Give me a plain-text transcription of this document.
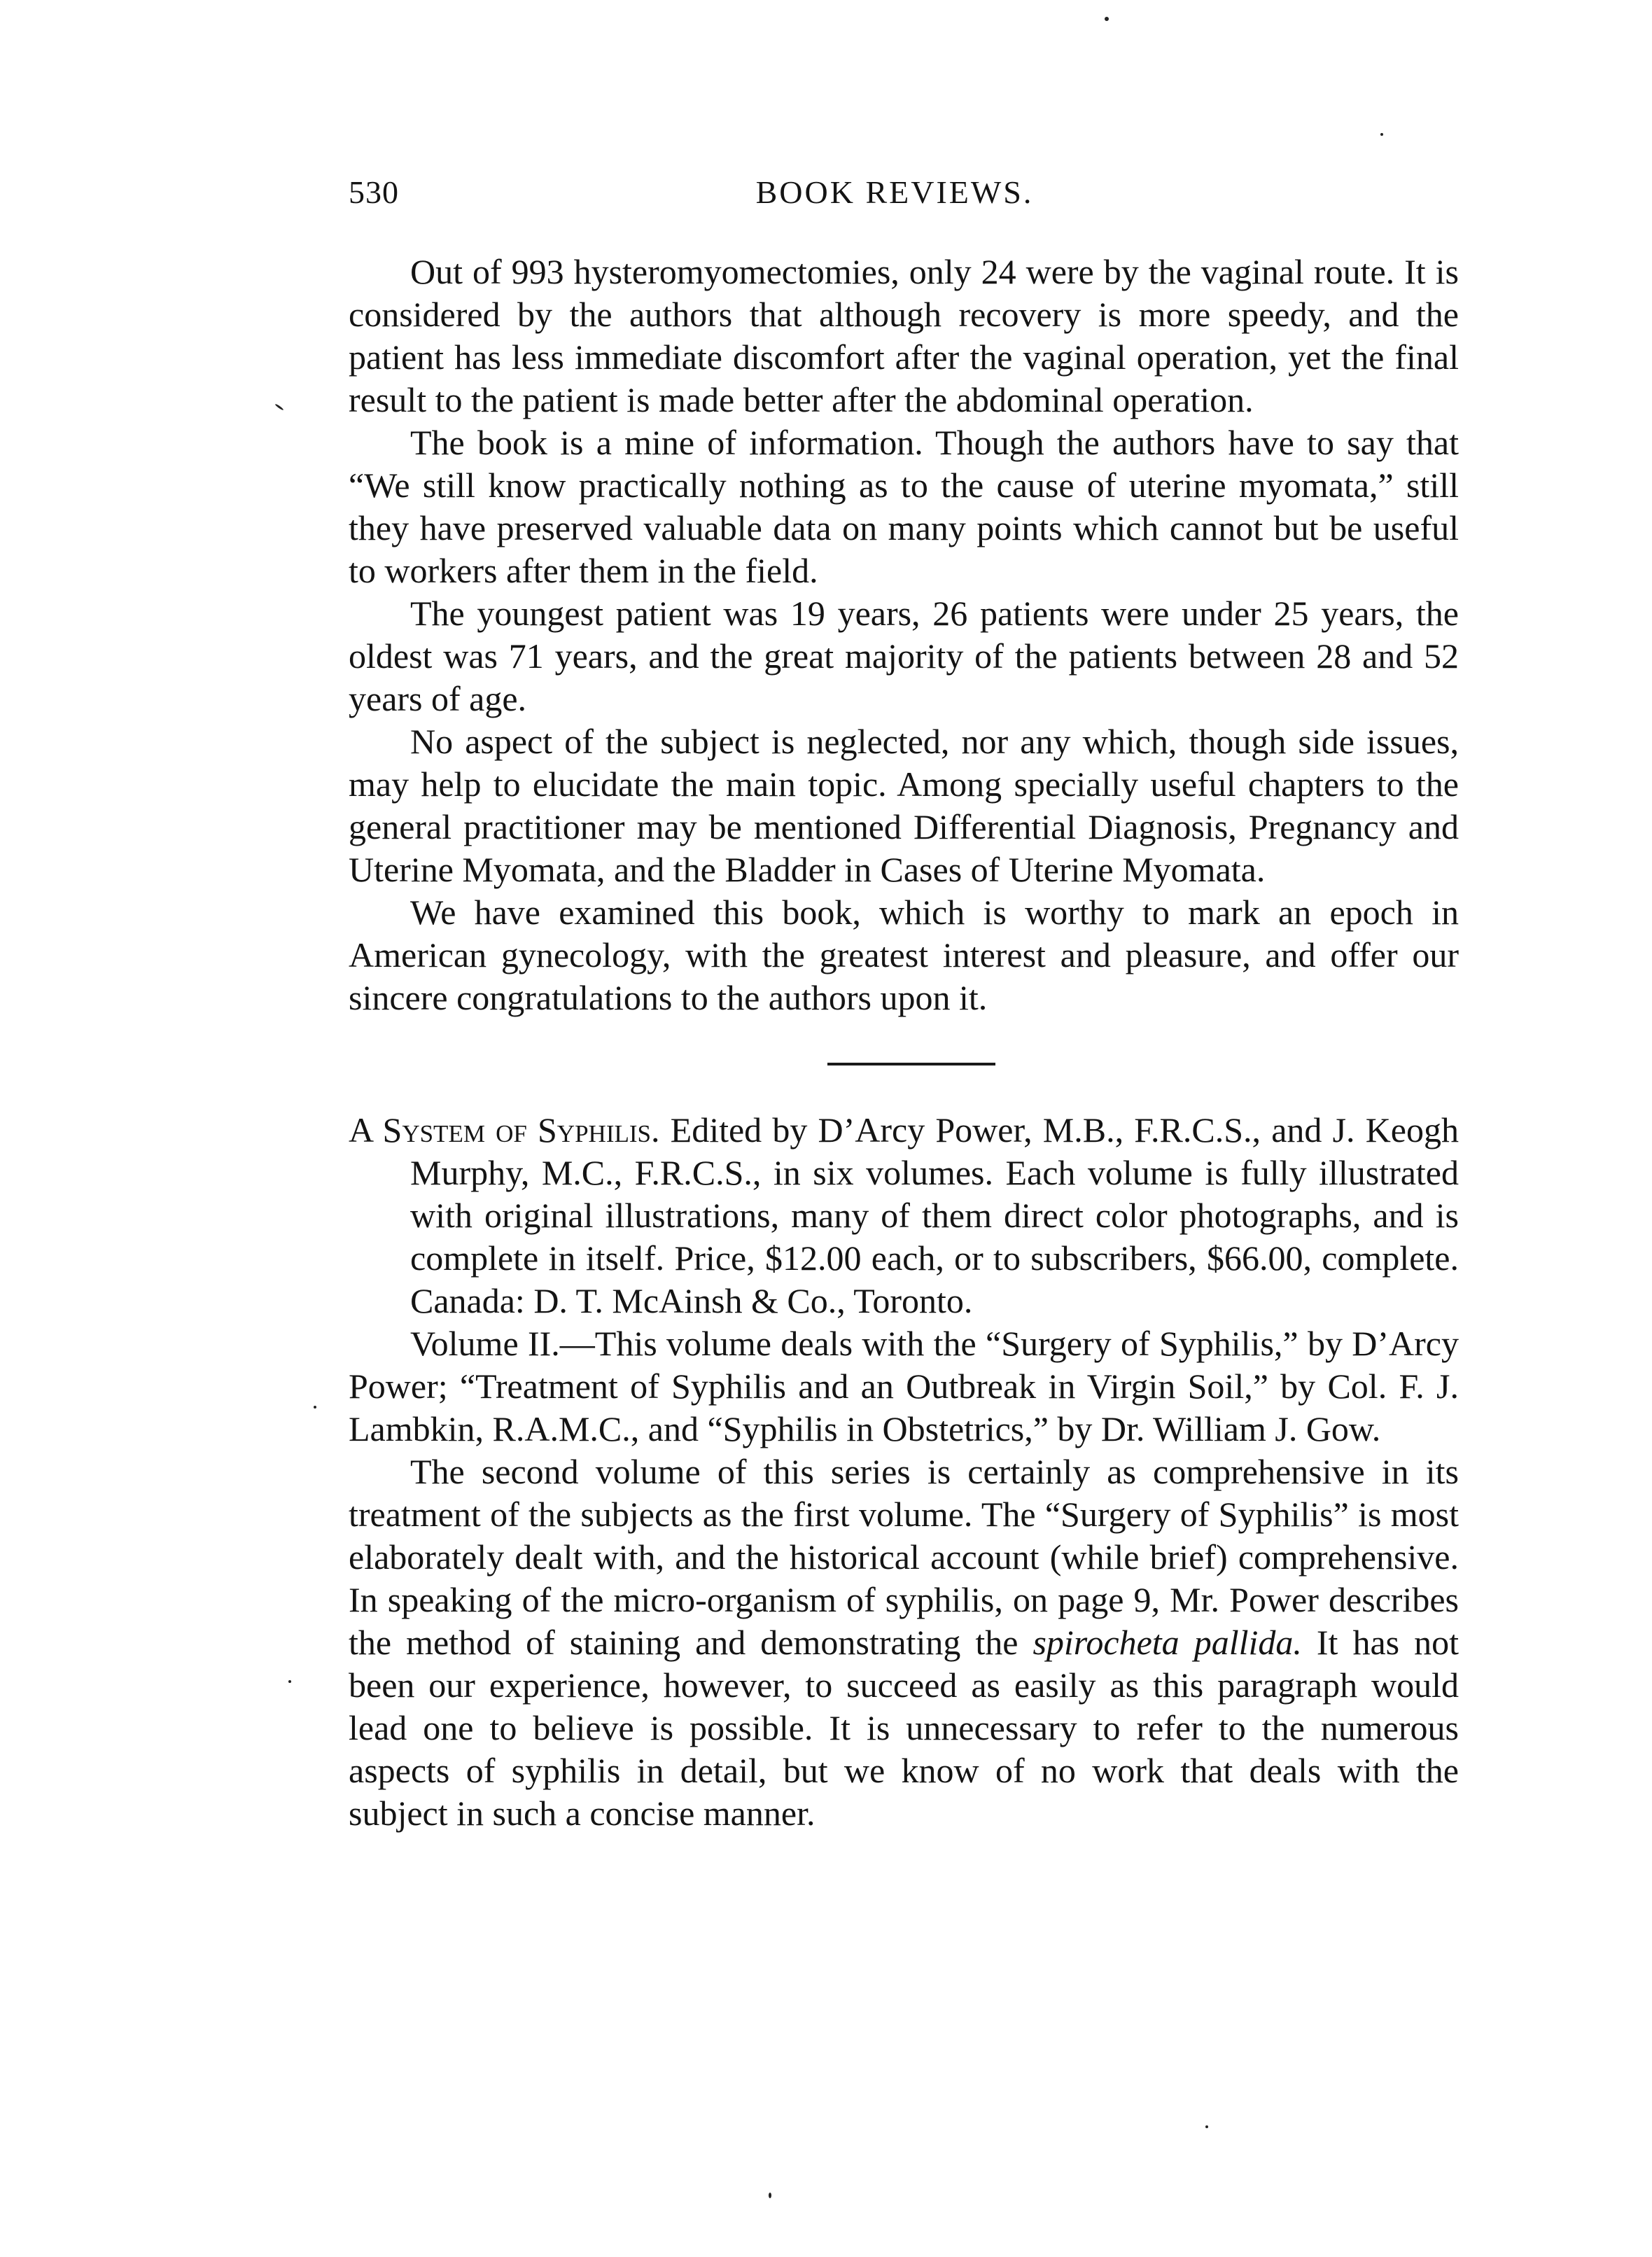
530	BOOK REVIEWS.

Out of 993 hysteromyomectomies, only 24 were by the vaginal route. It is considered by the authors that although recovery is more speedy, and the patient has less immediate discomfort after the vaginal operation, yet the final result to the patient is made better after the abdominal operation.

The book is a mine of information. Though the authors have to say that “We still know practically nothing as to the cause of uterine myomata,” still they have preserved valuable data on many points which cannot but be useful to workers after them in the field.

The youngest patient was 19 years, 26 patients were under 25 years, the oldest was 71 years, and the great majority of the patients between 28 and 52 years of age.

No aspect of the subject is neglected, nor any which, though side issues, may help to elucidate the main topic. Among specially useful chapters to the general practitioner may be mentioned Differential Diagnosis, Pregnancy and Uterine Myomata, and the Bladder in Cases of Uterine Myomata.

We have examined this book, which is worthy to mark an epoch in American gynecology, with the greatest interest and pleasure, and offer our sincere congratulations to the authors upon it.

A System of Syphilis. Edited by D’Arcy Power, M.B., F.R.C.S., and J. Keogh Murphy, M.C., F.R.C.S., in six volumes. Each volume is fully illustrated with original illustrations, many of them direct color photographs, and is complete in itself. Price, $12.00 each, or to subscribers, $66.00, complete. Canada: D. T. McAinsh & Co., Toronto.

Volume II.—This volume deals with the “Surgery of Syphilis,” by D’Arcy Power; “Treatment of Syphilis and an Outbreak in Virgin Soil,” by Col. F. J. Lambkin, R.A.M.C., and “Syphilis in Obstetrics,” by Dr. William J. Gow.

The second volume of this series is certainly as comprehensive in its treatment of the subjects as the first volume. The “Surgery of Syphilis” is most elaborately dealt with, and the historical account (while brief) comprehensive. In speaking of the micro-organism of syphilis, on page 9, Mr. Power describes the method of staining and demonstrating the spirocheta pallida. It has not been our experience, however, to succeed as easily as this paragraph would lead one to believe is possible. It is unnecessary to refer to the numerous aspects of syphilis in detail, but we know of no work that deals with the subject in such a concise manner.
